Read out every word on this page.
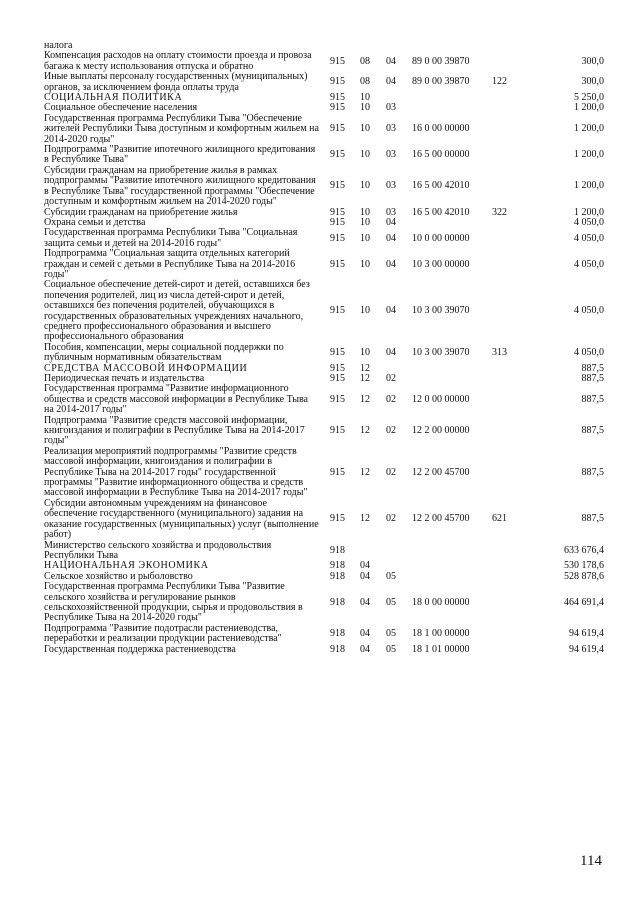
налога						
Компенсация расходов на оплату стоимости проезда и провоза багажа к месту использования отпуска и обратно	915	08	04	89 0 00 39870		300,0
Иные выплаты персоналу государственных (муниципальных) органов, за исключением фонда оплаты труда	915	08	04	89 0 00 39870	122	300,0
СОЦИАЛЬНАЯ ПОЛИТИКА	915	10				5 250,0
Социальное обеспечение населения	915	10	03			1 200,0
Государственная программа Республики Тыва "Обеспечение жителей Республики Тыва доступным и комфортным жильем на 2014-2020 годы"	915	10	03	16 0 00 00000		1 200,0
Подпрограмма "Развитие ипотечного жилищного кредитования в Республике Тыва"	915	10	03	16 5 00 00000		1 200,0
Субсидии гражданам на приобретение жилья в рамках подпрограммы "Развитие ипотечного жилищного кредитования в Республике Тыва" государственной программы "Обеспечение доступным и комфортным жильем на 2014-2020 годы"	915	10	03	16 5 00 42010		1 200,0
Субсидии гражданам на приобретение жилья	915	10	03	16 5 00 42010	322	1 200,0
Охрана семьи и детства	915	10	04			4 050,0
Государственная программа Республики Тыва "Социальная защита семьи и детей на 2014-2016 годы"	915	10	04	10 0 00 00000		4 050,0
Подпрограмма "Социальная защита отдельных категорий граждан и семей с детьми в Республике Тыва на 2014-2016 годы"	915	10	04	10 3 00 00000		4 050,0
Социальное обеспечение детей-сирот и детей, оставшихся без попечения родителей, лиц из числа детей-сирот и детей, оставшихся без попечения родителей, обучающихся в государственных образовательных учреждениях начального, среднего профессионального образования и высшего профессионального образования	915	10	04	10 3 00 39070		4 050,0
Пособия, компенсации, меры социальной поддержки по публичным нормативным обязательствам	915	10	04	10 3 00 39070	313	4 050,0
СРЕДСТВА МАССОВОЙ ИНФОРМАЦИИ	915	12				887,5
Периодическая печать и издательства	915	12	02			887,5
Государственная программа "Развитие информационного общества и средств массовой информации в Республике Тыва на 2014-2017 годы"	915	12	02	12 0 00 00000		887,5
Подпрограмма "Развитие средств массовой информации, книгоиздания и полиграфии в Республике Тыва на 2014-2017 годы"	915	12	02	12 2 00 00000		887,5
Реализация мероприятий подпрограммы "Развитие средств массовой информации, книгоиздания и полиграфии в Республике Тыва на 2014-2017 годы" государственной программы "Развитие информационного общества и средств массовой информации в Республике Тыва на 2014-2017 годы"	915	12	02	12 2 00 45700		887,5
Субсидии автономным учреждениям на финансовое обеспечение государственного (муниципального) задания на оказание государственных (муниципальных) услуг (выполнение работ)	915	12	02	12 2 00 45700	621	887,5
Министерство сельского хозяйства и продовольствия Республики Тыва	918					633 676,4
НАЦИОНАЛЬНАЯ ЭКОНОМИКА	918	04				530 178,6
Сельское хозяйство и рыболовство	918	04	05			528 878,6
Государственная программа Республики Тыва "Развитие сельского хозяйства и регулирование рынков сельскохозяйственной продукции, сырья и продовольствия в Республике Тыва на 2014-2020 годы"	918	04	05	18 0 00 00000		464 691,4
Подпрограмма "Развитие подотрасли растениеводства, переработки и реализации продукции растениеводства"	918	04	05	18 1 00 00000		94 619,4
Государственная поддержка растениеводства	918	04	05	18 1 01 00000		94 619,4
114
